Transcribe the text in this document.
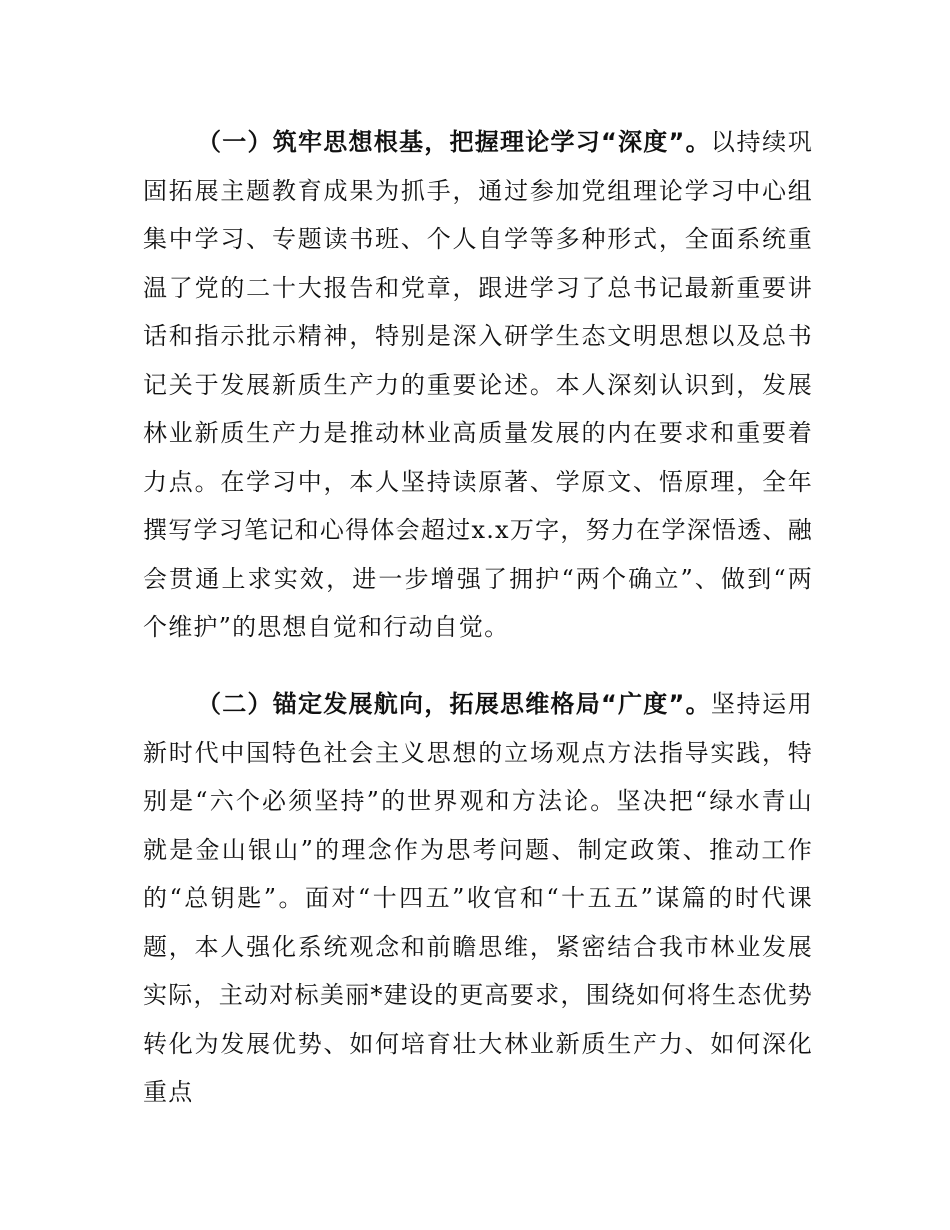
（一）筑牢思想根基，把握理论学习“深度”。以持续巩固拓展主题教育成果为抓手，通过参加党组理论学习中心组集中学习、专题读书班、个人自学等多种形式，全面系统重温了党的二十大报告和党章，跟进学习了总书记最新重要讲话和指示批示精神，特别是深入研学生态文明思想以及总书记关于发展新质生产力的重要论述。本人深刻认识到，发展林业新质生产力是推动林业高质量发展的内在要求和重要着力点。在学习中，本人坚持读原著、学原文、悟原理，全年撰写学习笔记和心得体会超过x.x万字，努力在学深悟透、融会贯通上求实效，进一步增强了拥护“两个确立”、做到“两个维护”的思想自觉和行动自觉。

（二）锚定发展航向，拓展思维格局“广度”。坚持运用新时代中国特色社会主义思想的立场观点方法指导实践，特别是“六个必须坚持”的世界观和方法论。坚决把“绿水青山就是金山银山”的理念作为思考问题、制定政策、推动工作的“总钥匙”。面对“十四五”收官和“十五五”谋篇的时代课题，本人强化系统观念和前瞻思维，紧密结合我市林业发展实际，主动对标美丽*建设的更高要求，围绕如何将生态优势转化为发展优势、如何培育壮大林业新质生产力、如何深化重点
